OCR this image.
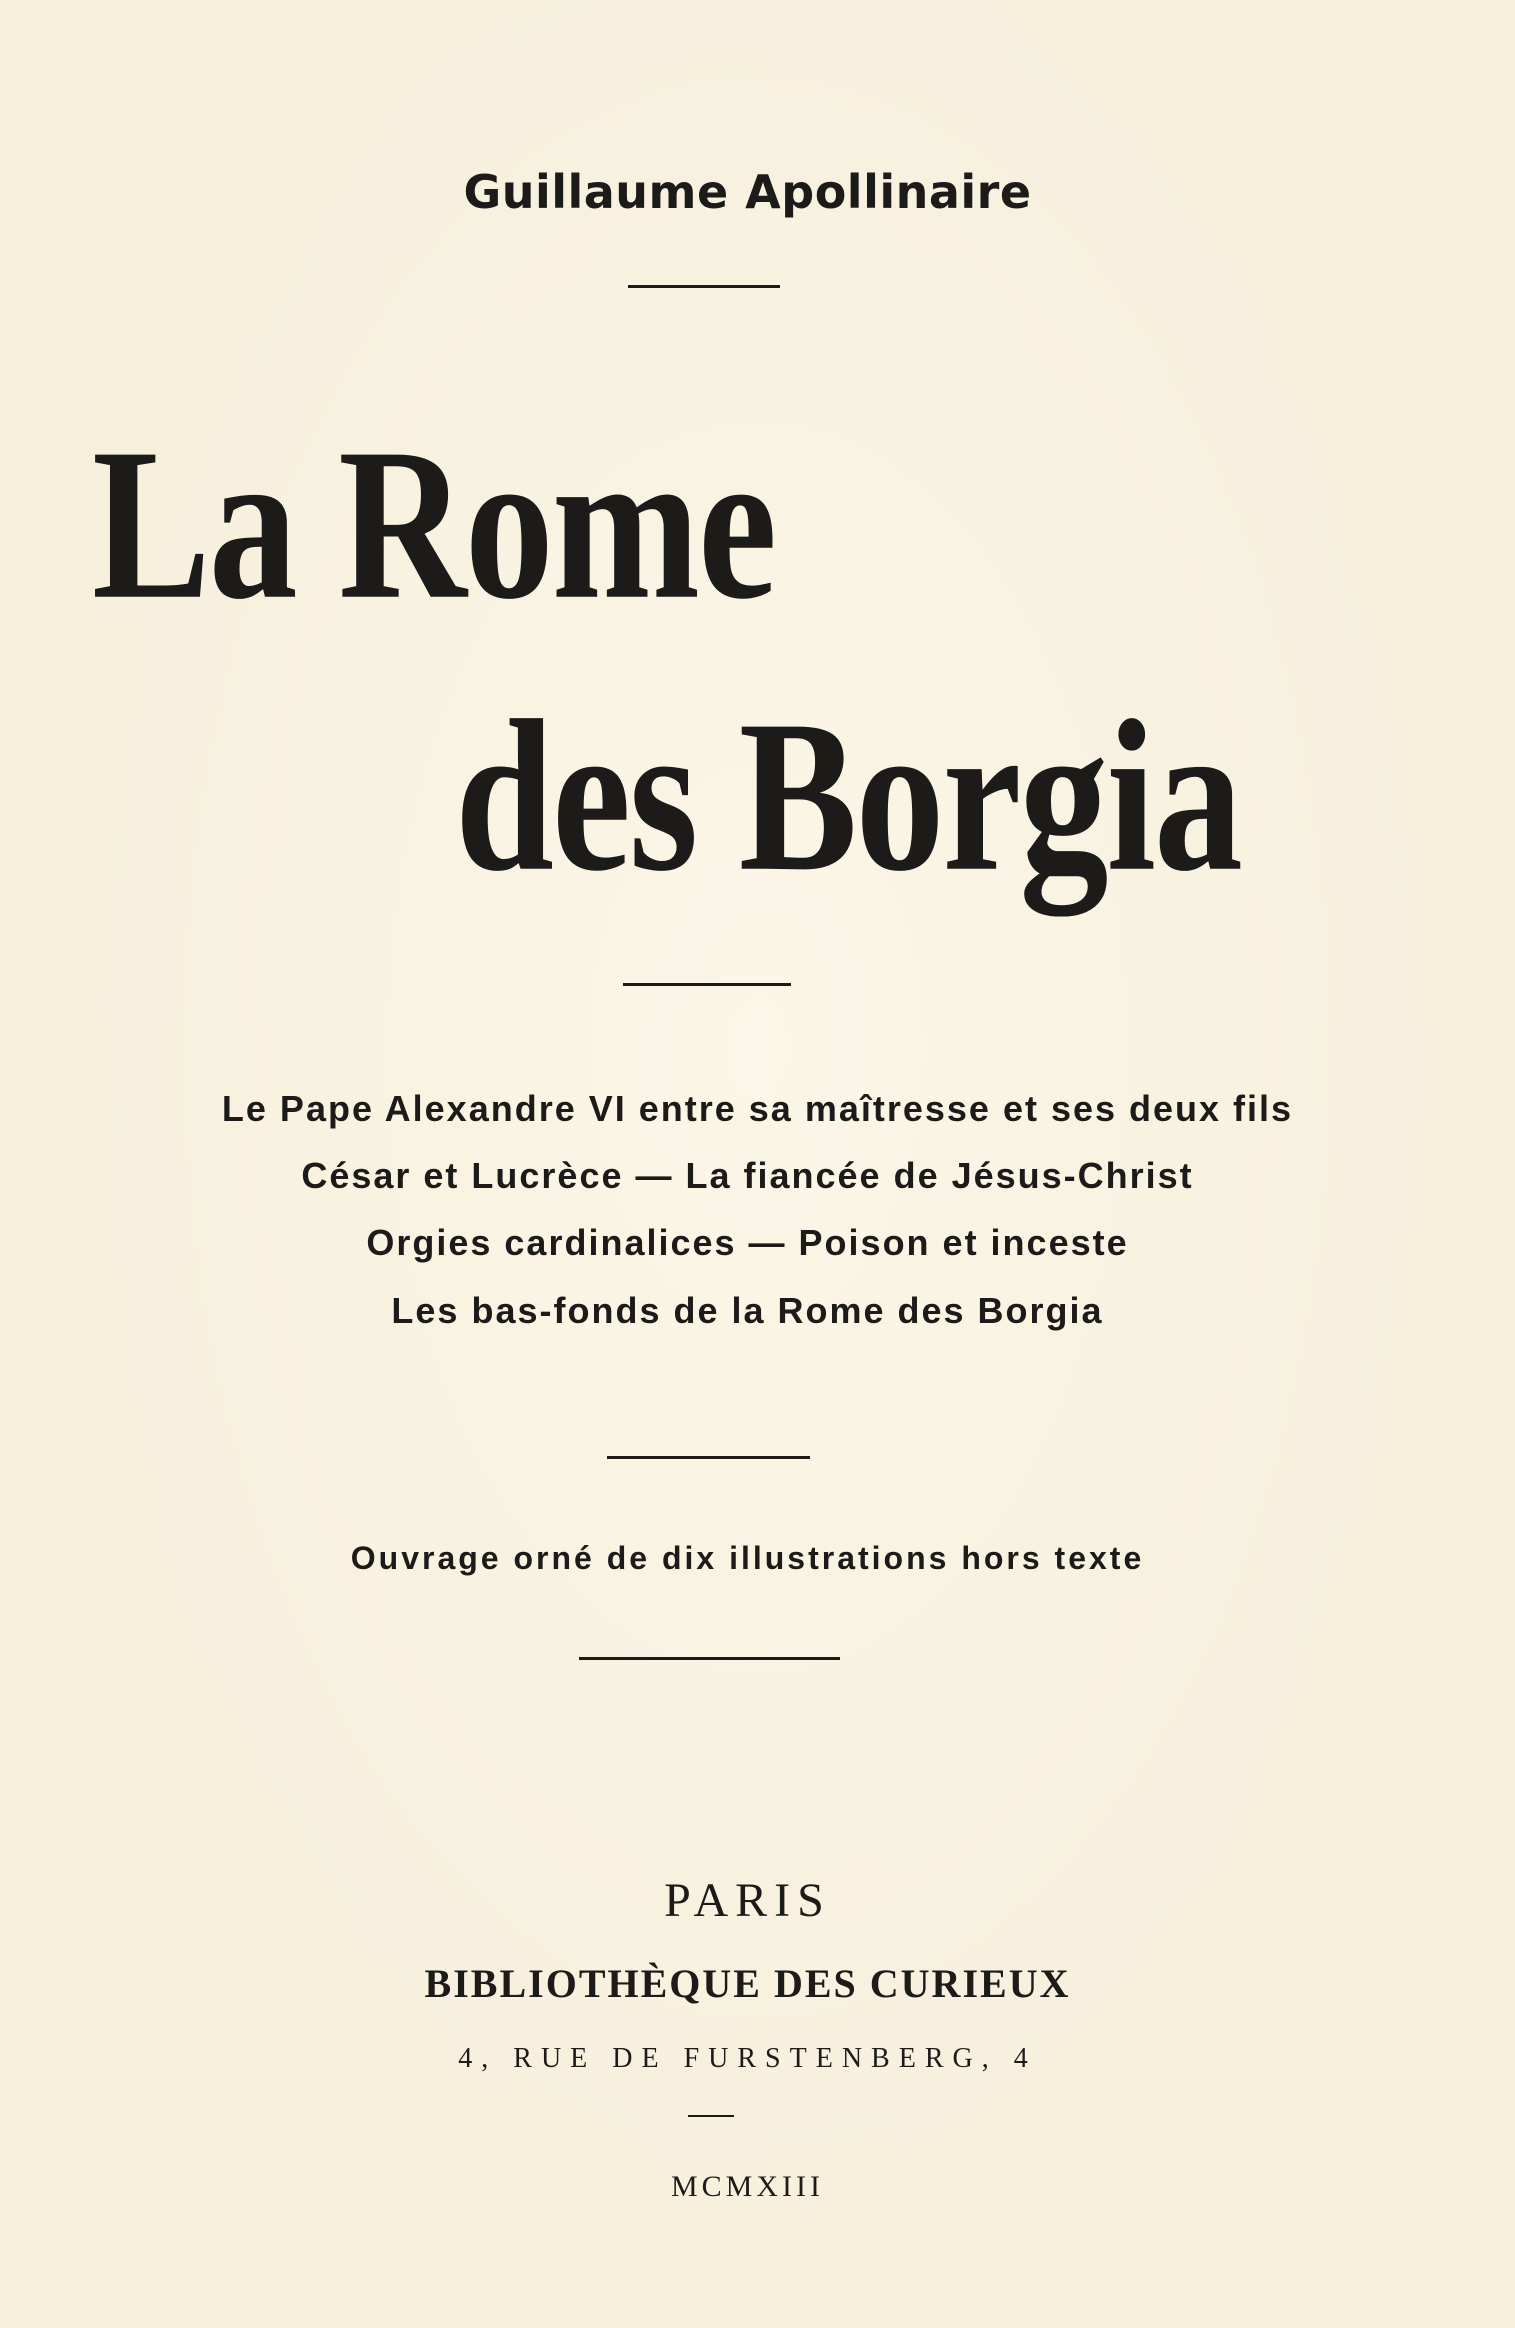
Guillaume Apollinaire
La Rome
des Borgia
Le Pape Alexandre VI entre sa maîtresse et ses deux fils
César et Lucrèce — La fiancée de Jésus-Christ
Orgies cardinalices — Poison et inceste
Les bas-fonds de la Rome des Borgia
Ouvrage orné de dix illustrations hors texte
PARIS
BIBLIOTHÈQUE DES CURIEUX
4, RUE DE FURSTENBERG, 4
MCMXIII
